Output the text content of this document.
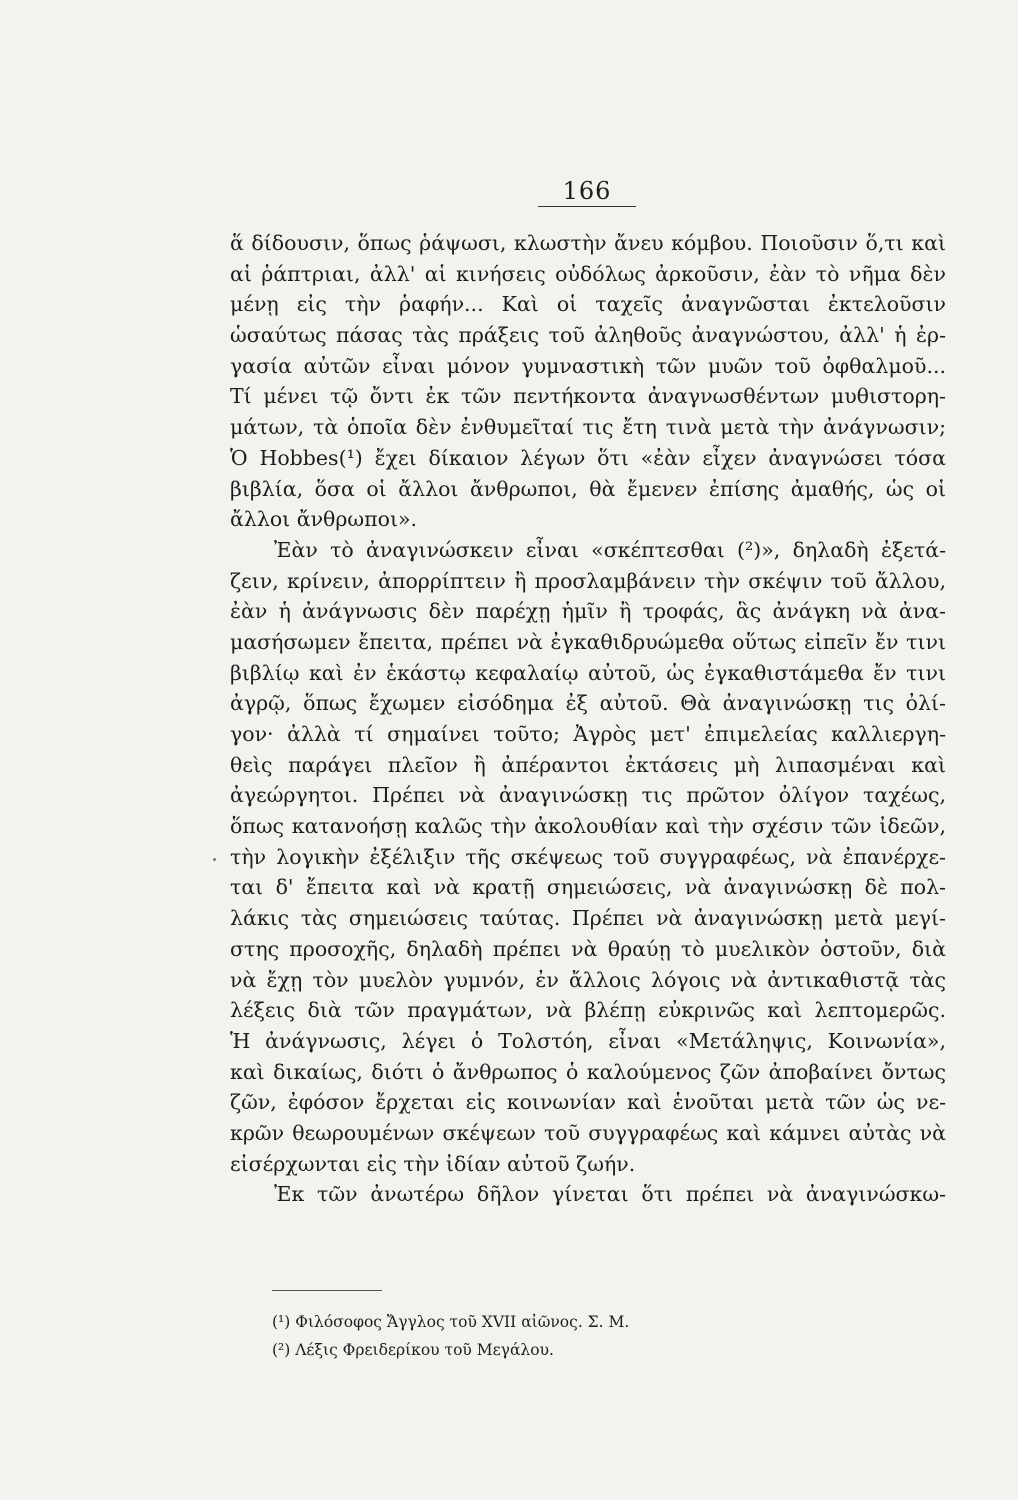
166
ἅ δίδουσιν, ὅπως ῥάψωσι, κλωστὴν ἄνευ κόμβου. Ποιοῦσιν ὅ,τι καὶ
αἱ ῥάπτριαι, ἀλλ' αἱ κινήσεις οὐδόλως ἀρκοῦσιν, ἐὰν τὸ νῆμα δὲν
μένῃ εἰς τὴν ῥαφήν... Καὶ οἱ ταχεῖς ἀναγνῶσται ἐκτελοῦσιν
ὡσαύτως πάσας τὰς πράξεις τοῦ ἀληθοῦς ἀναγνώστου, ἀλλ' ἡ ἐρ-
γασία αὐτῶν εἶναι μόνον γυμναστικὴ τῶν μυῶν τοῦ ὀφθαλμοῦ...
Τί μένει τῷ ὄντι ἐκ τῶν πεντήκοντα ἀναγνωσθέντων μυθιστορη-
μάτων, τὰ ὁποῖα δὲν ἐνθυμεῖταί τις ἔτη τινὰ μετὰ τὴν ἀνάγνωσιν;
Ὁ Hobbes(¹) ἔχει δίκαιον λέγων ὅτι «ἐὰν εἶχεν ἀναγνώσει τόσα
βιβλία, ὅσα οἱ ἄλλοι ἄνθρωποι, θὰ ἔμενεν ἐπίσης ἀμαθής, ὡς οἱ
ἄλλοι ἄνθρωποι».
Ἐὰν τὸ ἀναγινώσκειν εἶναι «σκέπτεσθαι (²)», δηλαδὴ ἐξετά-
ζειν, κρίνειν, ἀπορρίπτειν ἢ προσλαμβάνειν τὴν σκέψιν τοῦ ἄλλου,
ἐὰν ἡ ἀνάγνωσις δὲν παρέχῃ ἡμῖν ἢ τροφάς, ἃς ἀνάγκη νὰ ἀνα-
μασήσωμεν ἔπειτα, πρέπει νὰ ἐγκαθιδρυώμεθα οὕτως εἰπεῖν ἔν τινι
βιβλίῳ καὶ ἐν ἑκάστῳ κεφαλαίῳ αὐτοῦ, ὡς ἐγκαθιστάμεθα ἔν τινι
ἀγρῷ, ὅπως ἔχωμεν εἰσόδημα ἐξ αὐτοῦ. Θὰ ἀναγινώσκῃ τις ὀλί-
γον· ἀλλὰ τί σημαίνει τοῦτο; Ἀγρὸς μετ' ἐπιμελείας καλλιεργη-
θεὶς παράγει πλεῖον ἢ ἀπέραντοι ἐκτάσεις μὴ λιπασμέναι καὶ
ἀγεώργητοι. Πρέπει νὰ ἀναγινώσκῃ τις πρῶτον ὀλίγον ταχέως,
ὅπως κατανοήσῃ καλῶς τὴν ἀκολουθίαν καὶ τὴν σχέσιν τῶν ἰδεῶν,
τὴν λογικὴν ἐξέλιξιν τῆς σκέψεως τοῦ συγγραφέως, νὰ ἐπανέρχε-
ται δ' ἔπειτα καὶ νὰ κρατῇ σημειώσεις, νὰ ἀναγινώσκῃ δὲ πολ-
λάκις τὰς σημειώσεις ταύτας. Πρέπει νὰ ἀναγινώσκῃ μετὰ μεγί-
στης προσοχῆς, δηλαδὴ πρέπει νὰ θραύῃ τὸ μυελικὸν ὀστοῦν, διὰ
νὰ ἔχῃ τὸν μυελὸν γυμνόν, ἐν ἄλλοις λόγοις νὰ ἀντικαθιστᾷ τὰς
λέξεις διὰ τῶν πραγμάτων, νὰ βλέπῃ εὐκρινῶς καὶ λεπτομερῶς.
Ἡ ἀνάγνωσις, λέγει ὁ Τολστόη, εἶναι «Μετάληψις, Κοινωνία»,
καὶ δικαίως, διότι ὁ ἄνθρωπος ὁ καλούμενος ζῶν ἀποβαίνει ὄντως
ζῶν, ἐφόσον ἔρχεται εἰς κοινωνίαν καὶ ἑνοῦται μετὰ τῶν ὡς νε-
κρῶν θεωρουμένων σκέψεων τοῦ συγγραφέως καὶ κάμνει αὐτὰς νὰ
εἰσέρχωνται εἰς τὴν ἰδίαν αὐτοῦ ζωήν.
Ἐκ τῶν ἀνωτέρω δῆλον γίνεται ὅτι πρέπει νὰ ἀναγινώσκω-
(¹) Φιλόσοφος Ἄγγλος τοῦ XVII αἰῶνος. Σ. Μ.
(²) Λέξις Φρειδερίκου τοῦ Μεγάλου.
